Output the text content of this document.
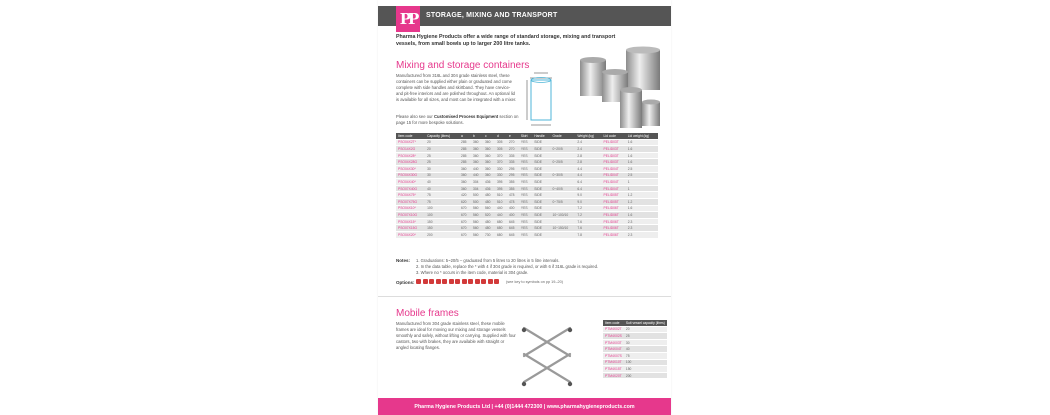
PP	STORAGE, MIXING AND TRANSPORT
Pharma Hygiene Products offer a wide range of standard storage, mixing and transport vessels, from small bowls up to larger 200 litre tanks.
Mixing and storage containers
Manufactured from 316L and 304 grade stainless steel, these containers can be supplied either plain or graduated and come complete with side handles and skirtband. They have crevice- and pit-free interiors and are polished throughout. An optional lid is available for all sizes, and most can be integrated with a mixer.
Please also see our Customised Process Equipment section on page 15 for more bespoke solutions.
Item code	Capacity (litres)	a	b	c	d	e	Skirt	Handle	Grade	Weight (kg)	Lid code	Lid weight (kg)
PSO04X2T*	20	285	360	360	305	270	YES	SIDE		2.4	PELID03T	1.6
PSO14X2G	20	285	360	360	305	270	YES	SIDE	0~20/5	2.4	PELID03T	1.6
PSO04X28*	25	285	360	360	370	335	YES	SIDE		2.8	PELID03T	1.6
PSO04X28G	25	285	360	360	370	335	YES	SIDE	0~25/5	2.8	PELID03T	1.6
PSO04X30*	30	360	440	360	330	295	YES	SIDE		4.4	PELID04T	2.5
PSO04X30G	30	360	440	360	330	295	YES	SIDE	0~30/5	4.4	PELID04T	2.5
PSO04X40*	40	360	304	436	395	355	YES	SIDE		6.4	PELID04T	1
PSO07X40G	40	360	304	436	395	355	YES	SIDE	0~40/5	6.4	PELID04T	1
PSO04X75*	75	420	500	480	510	478	YES	SIDE		9.0	PELID05T	1.2
PSO07X75G	75	620	500	480	510	478	YES	SIDE	0~75/5	9.0	PELID05T	1.2
PSO04X10*	100	670	560	560	440	400	YES	SIDE		7.2	PELID06T	1.6
PSO07X10G	100	670	560	520	440	400	YES	SIDE	10~100/10	7.2	PELID06T	1.6
PSO04X15*	150	670	560	480	680	645	YES	SIDE		7.6	PELID06T	2.3
PSO07X15G	150	670	560	480	680	645	YES	SIDE	10~150/10	7.6	PELID06T	2.3
PSO04X20*	200	670	560	730	680	645	YES	SIDE		7.8	PELID06T	2.3
Notes: 1. Graduations: 5~20/5 – graduated from 5 litres to 20 litres in 5 litre intervals.
2. In the data table, replace the * with 4 if 304 grade is required, or with 6 if 316L grade is required.
3. Where no * occurs in the item code, material is 304 grade.
Options:	(see key to symbols on pp 19–20)
Mobile frames
Manufactured from 304 grade stainless steel, these mobile frames are ideal for moving our mixing and storage vessels smoothly and safely, without lifting or carrying. Supplied with four castors, two with brakes, they are available with straight or angled locating flanges.
Item code	Suit vessel capacity (litres)
PTM4X02T	20
PTM4X02S	25
PTM4X03T	30
PTM4X04T	40
PTM4X07S	75
PTM4X10T	100
PTM4X15T	150
PTM4X20T	200
Pharma Hygiene Products Ltd | +44 (0)1444 472300 | www.pharmahygieneproducts.com
